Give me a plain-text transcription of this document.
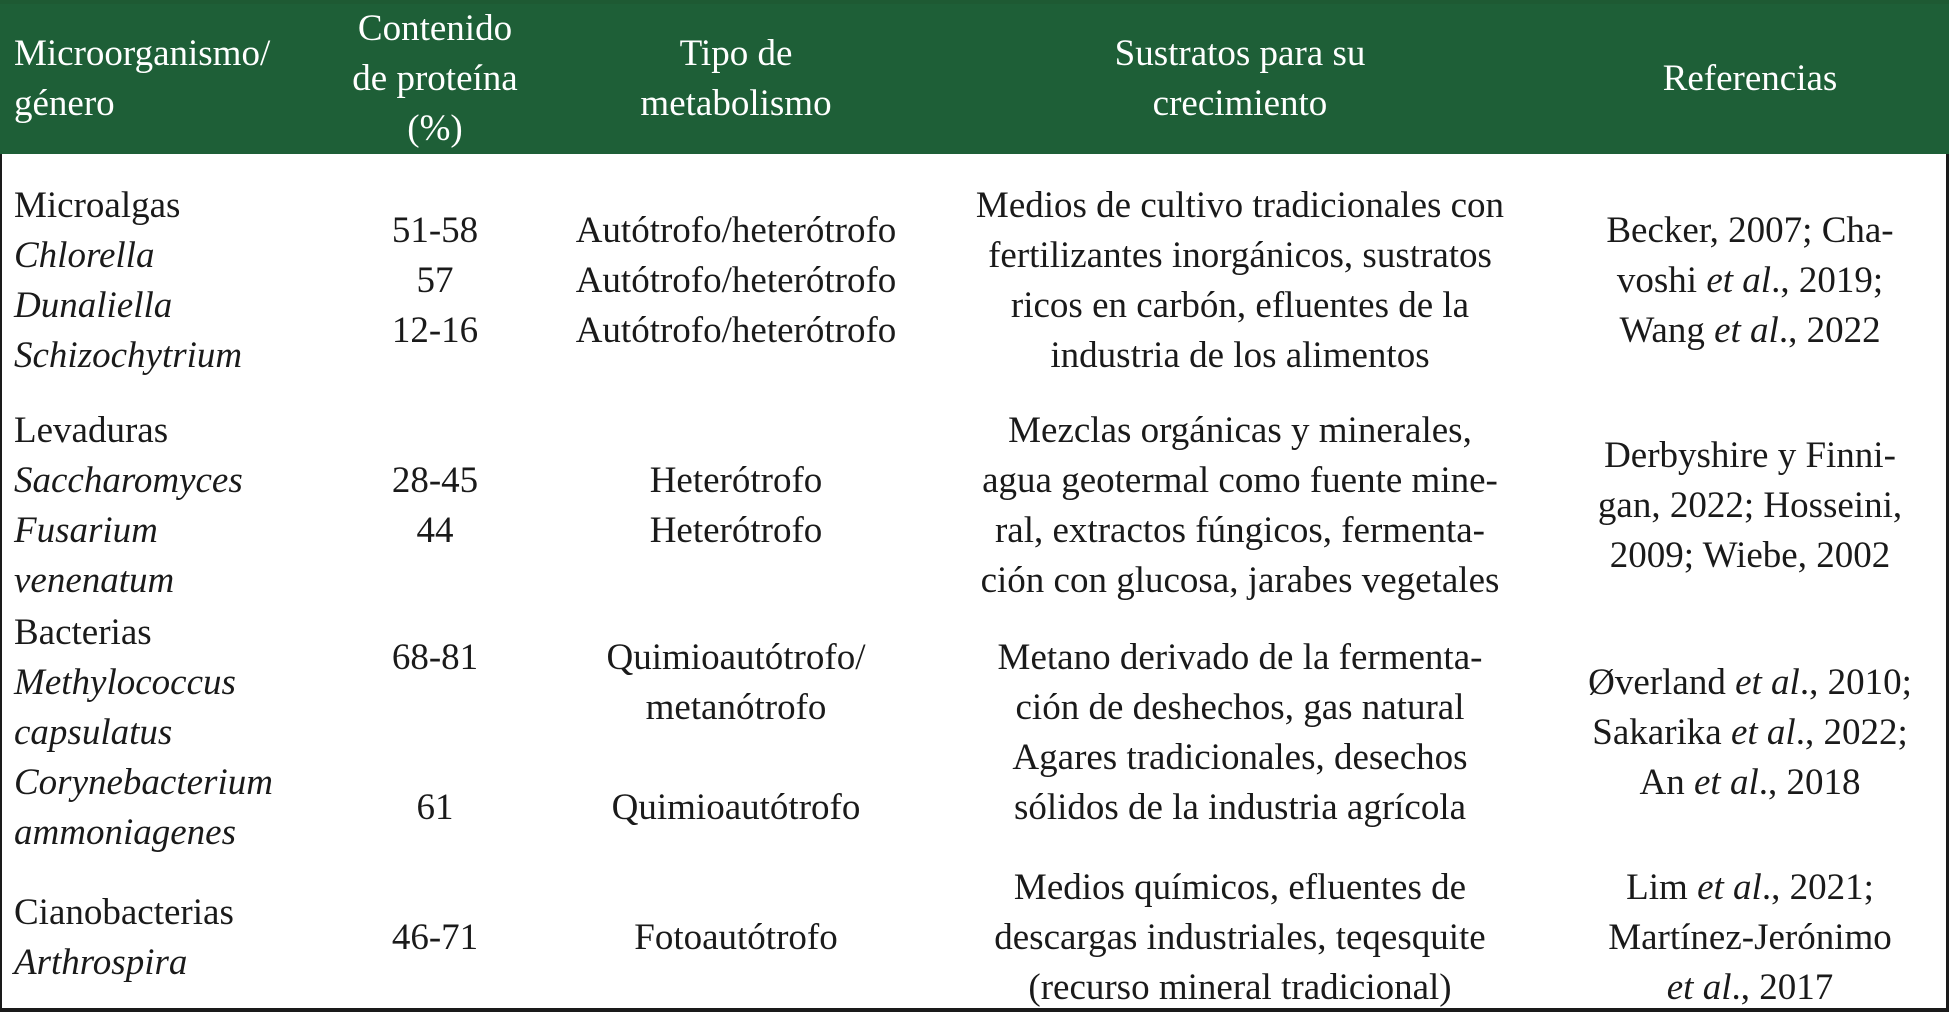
Microorganismo/
género
Contenido
de proteína
(%)
Tipo de
metabolismo
Sustratos para su
crecimiento
Referencias
Microalgas
Chlorella
Dunaliella
Schizochytrium
51-58
57
12-16
Autótrofo/heterótrofo
Autótrofo/heterótrofo
Autótrofo/heterótrofo
Medios de cultivo tradicionales con
fertilizantes inorgánicos, sustratos
ricos en carbón, efluentes de la
industria de los alimentos
Becker, 2007; Cha-
voshi et al., 2019;
Wang et al., 2022
Levaduras
Saccharomyces
Fusarium
venenatum
28-45
44
Heterótrofo
Heterótrofo
Mezclas orgánicas y minerales,
agua geotermal como fuente mine-
ral, extractos fúngicos, fermenta-
ción con glucosa, jarabes vegetales
Derbyshire y Finni-
gan, 2022; Hosseini,
2009; Wiebe, 2002
Bacterias
Methylococcus
capsulatus
Corynebacterium
ammoniagenes
68-81
61
Quimioautótrofo/
metanótrofo
Quimioautótrofo
Metano derivado de la fermenta-
ción de deshechos, gas natural
Agares tradicionales, desechos
sólidos de la industria agrícola
Øverland et al., 2010;
Sakarika et al., 2022;
An et al., 2018
Cianobacterias
Arthrospira
46-71	Fotoautótrofo
Medios químicos, efluentes de
descargas industriales, teqesquite
(recurso mineral tradicional)
Lim et al., 2021;
Martínez-Jerónimo
et al., 2017
